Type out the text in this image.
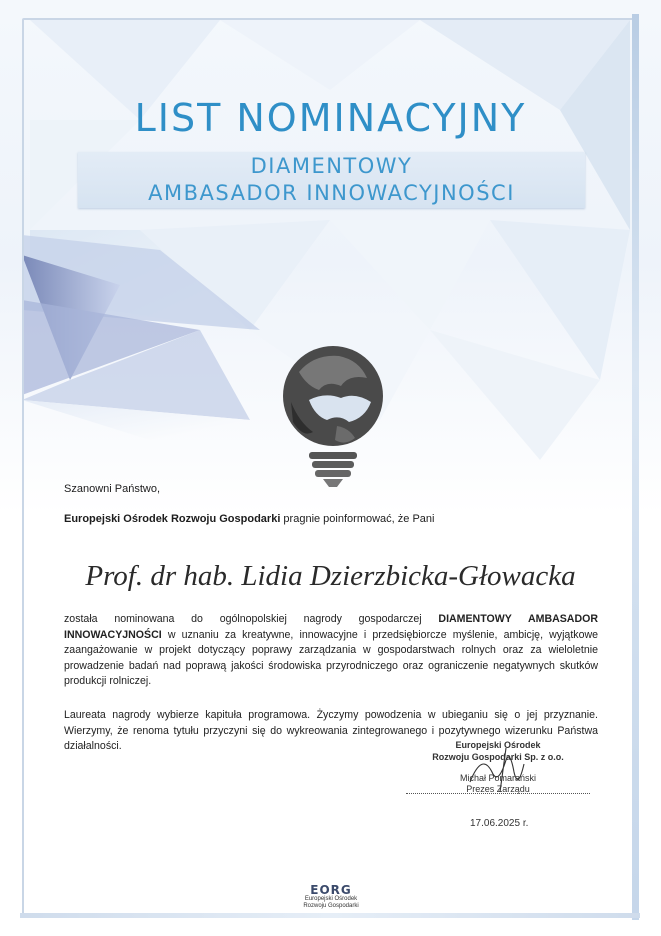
LIST NOMINACYJNY
DIAMENTOWY
AMBASADOR INNOWACYJNOŚCI
Szanowni Państwo,
Europejski Ośrodek Rozwoju Gospodarki pragnie poinformować, że Pani
Prof. dr hab. Lidia Dzierzbicka-Głowacka
została nominowana do ogólnopolskiej nagrody gospodarczej DIAMENTOWY AMBASADOR INNOWACYJNOŚCI w uznaniu za kreatywne, innowacyjne i przedsiębiorcze myślenie, ambicję, wyjątkowe zaangażowanie w projekt dotyczący poprawy zarządzania w gospodarstwach rolnych oraz za wieloletnie prowadzenie badań nad poprawą jakości środowiska przyrodniczego oraz ograniczenie negatywnych skutków produkcji rolniczej.
Laureata nagrody wybierze kapituła programowa. Życzymy powodzenia w ubieganiu się o jej przyznanie. Wierzymy, że renoma tytułu przyczyni się do wykreowania zintegrowanego i pozytywnego wizerunku Państwa działalności.	Europejski Ośrodek
Rozwoju Gospodarki Sp. z o.o.
Michał Pomarański
Prezes Zarządu
17.06.2025 r.
EORG
Europejski Ośrodek
Rozwoju Gospodarki
